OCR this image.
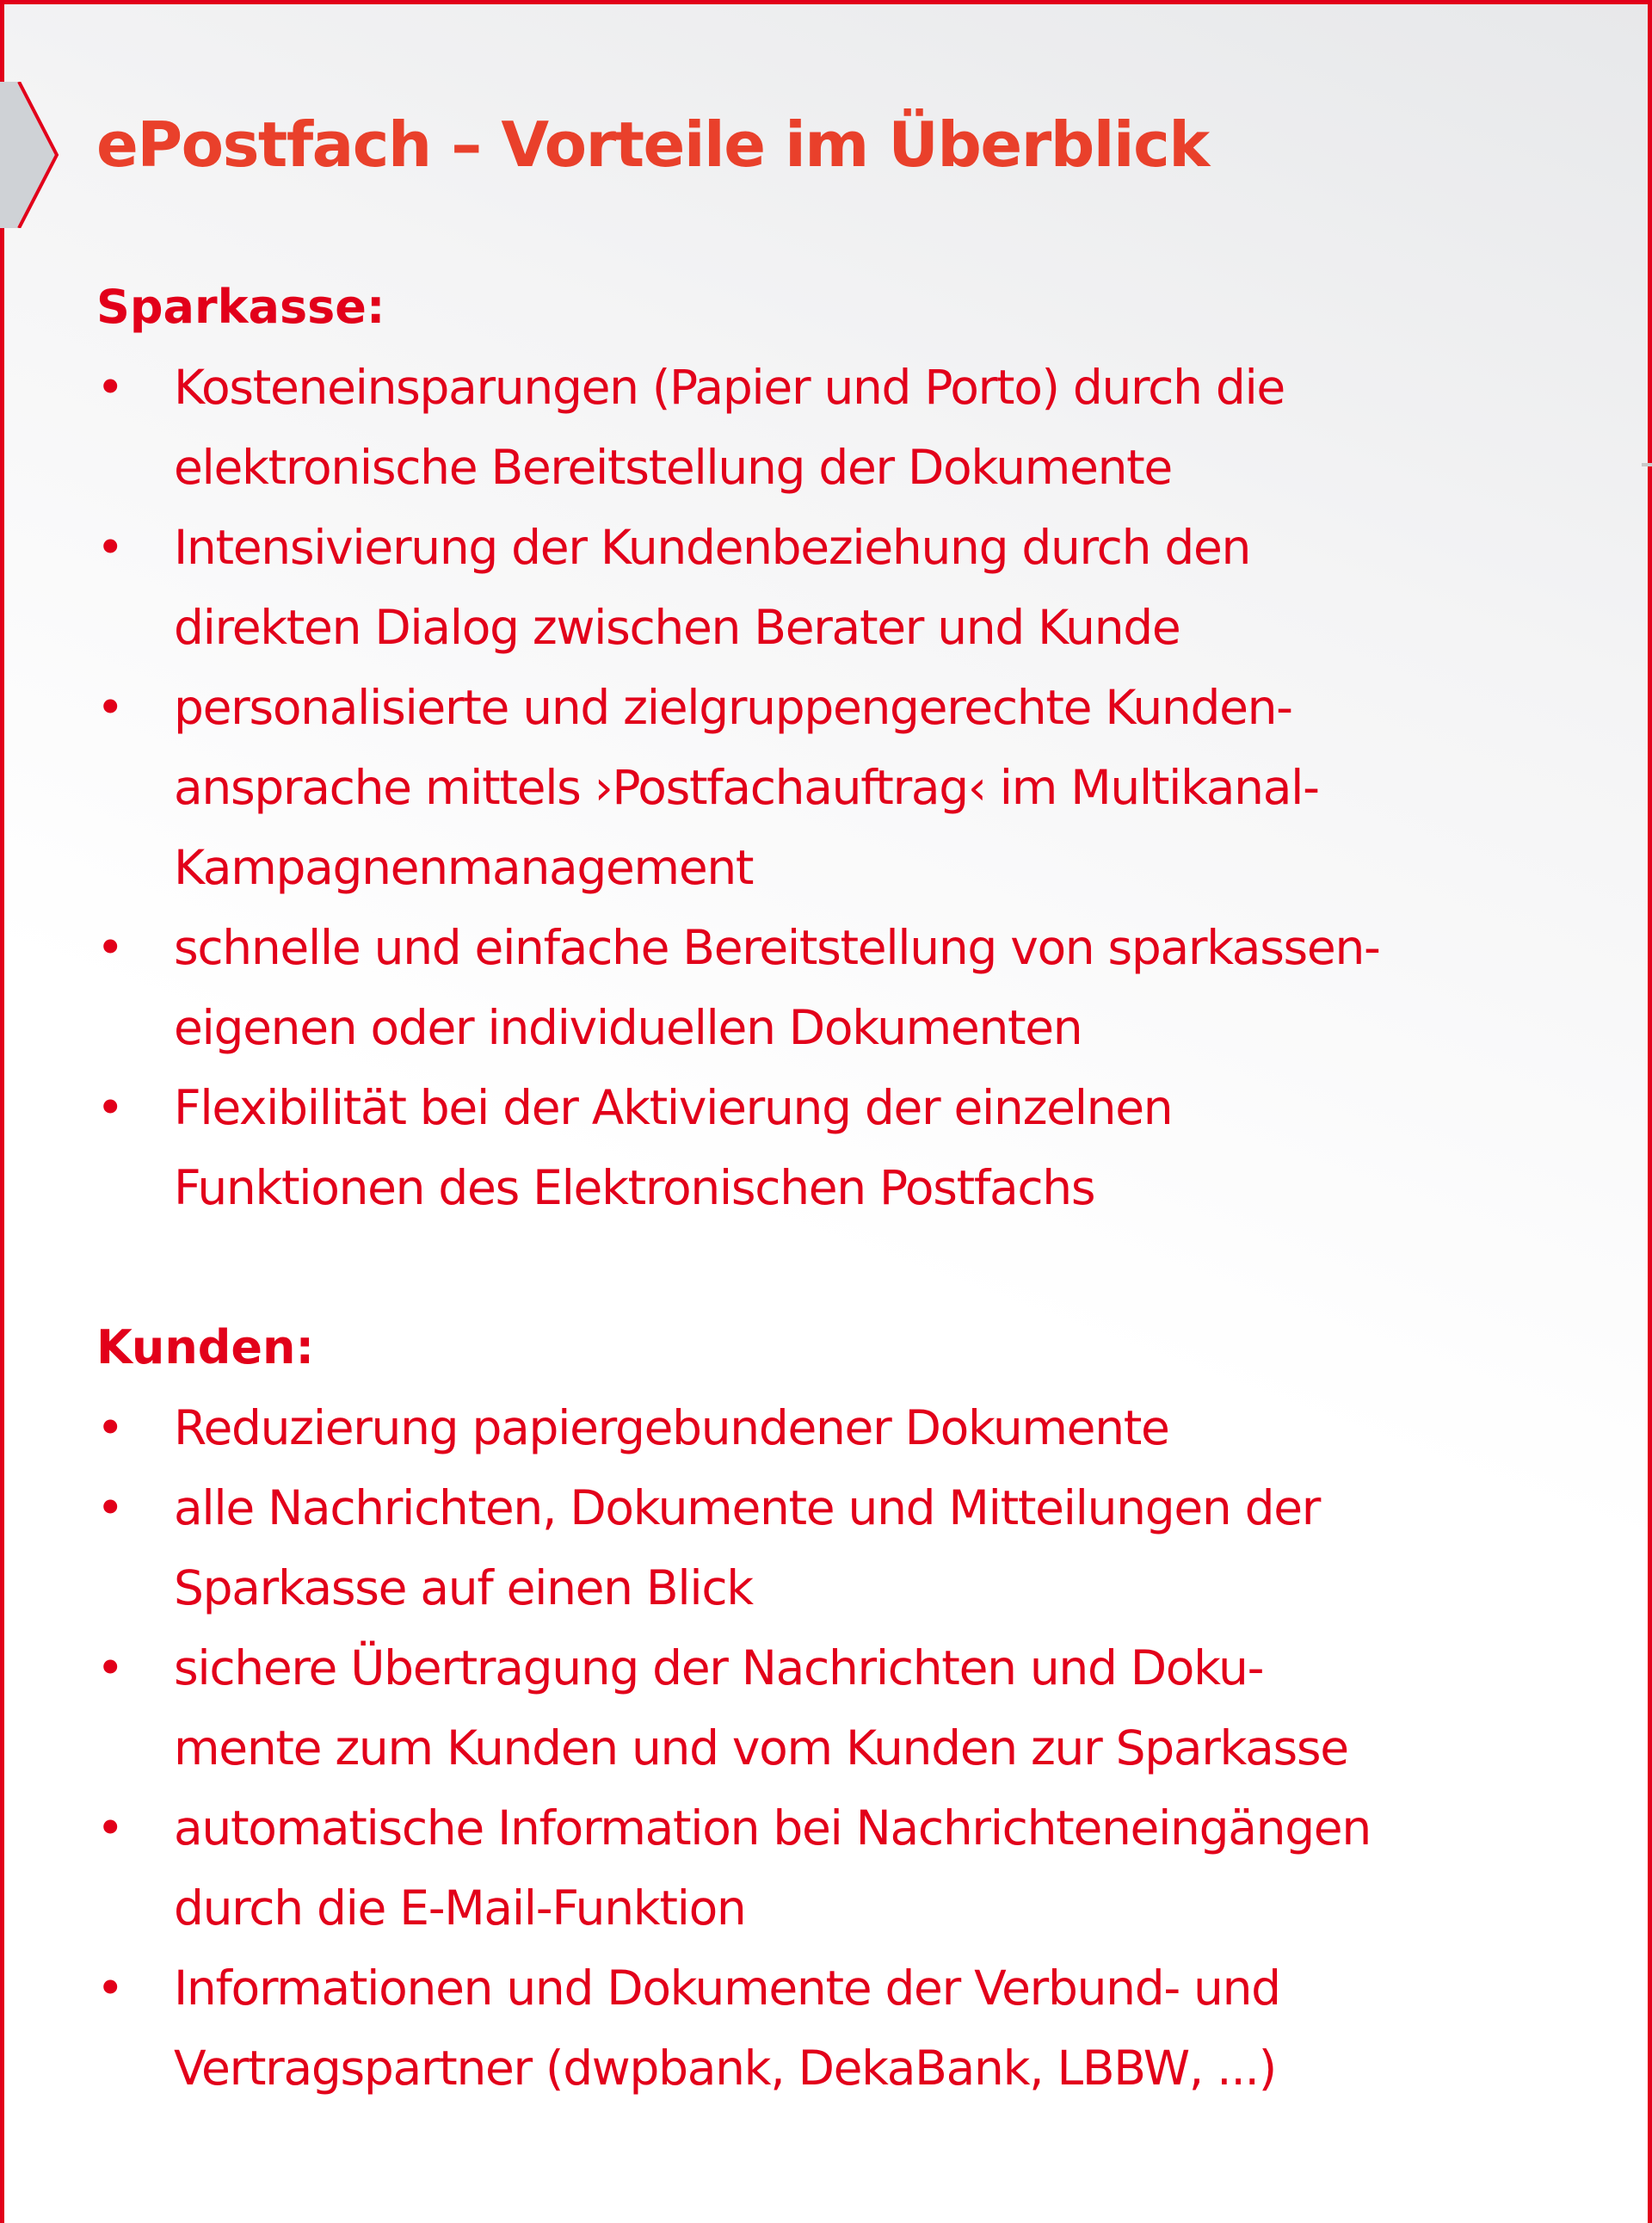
ePostfach – Vorteile im Überblick
Sparkasse:
• Kosteneinsparungen (Papier und Porto) durch die
elektronische Bereitstellung der Dokumente
• Intensivierung der Kundenbeziehung durch den
direkten Dialog zwischen Berater und Kunde
• personalisierte und zielgruppengerechte Kunden-
ansprache mittels ›Postfachauftrag‹ im Multikanal-
Kampagnenmanagement
• schnelle und einfache Bereitstellung von sparkassen-
eigenen oder individuellen Dokumenten
• Flexibilität bei der Aktivierung der einzelnen
Funktionen des Elektronischen Postfachs
Kunden:
• Reduzierung papiergebundener Dokumente
• alle Nachrichten, Dokumente und Mitteilungen der
Sparkasse auf einen Blick
• sichere Übertragung der Nachrichten und Doku-
mente zum Kunden und vom Kunden zur Sparkasse
• automatische Information bei Nachrichteneingängen
durch die E-Mail-Funktion
• Informationen und Dokumente der Verbund- und
Vertragspartner (dwpbank, DekaBank, LBBW, ...)
